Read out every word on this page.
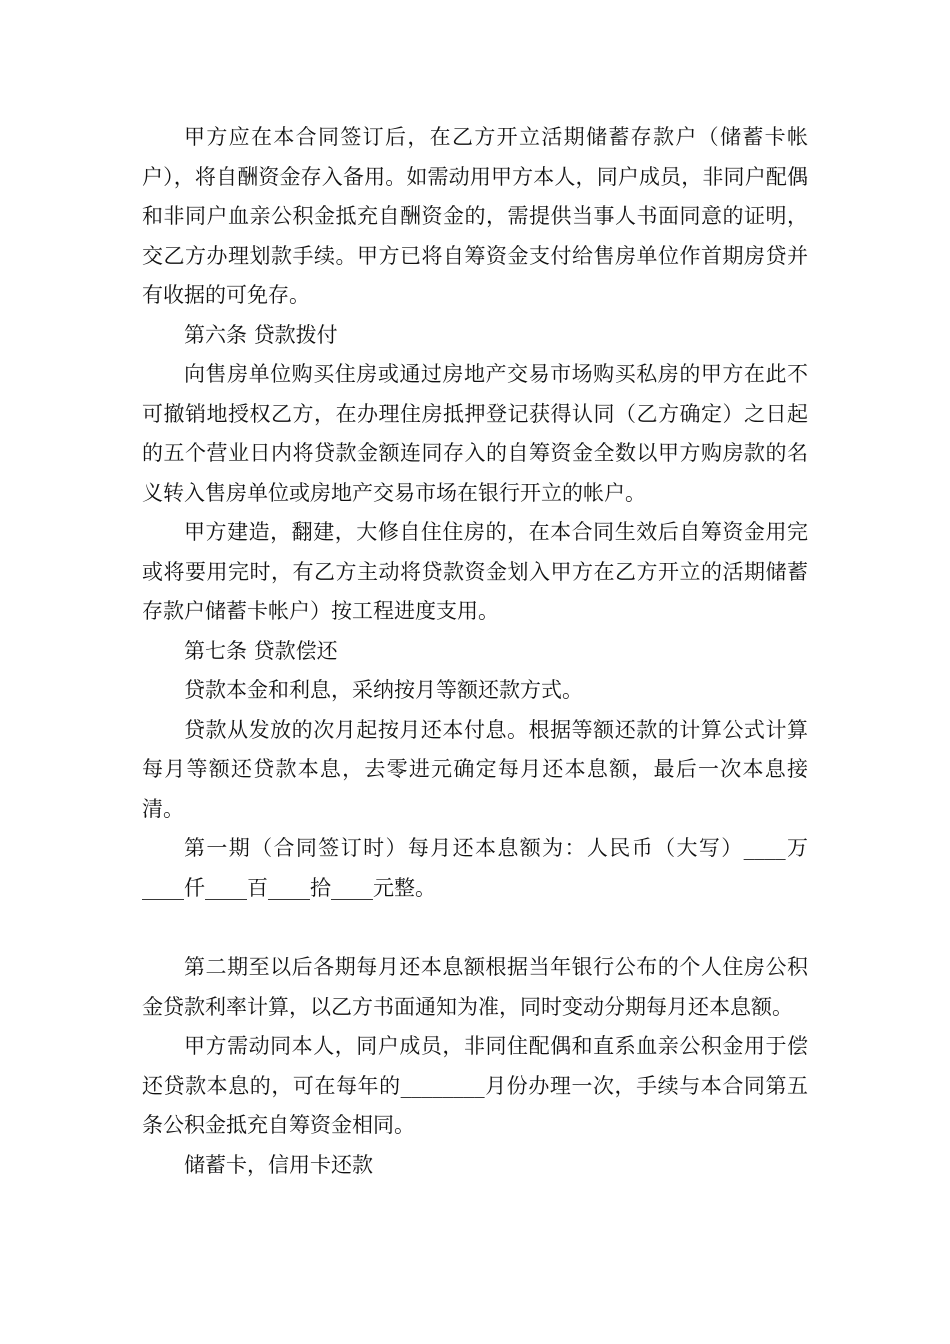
甲方应在本合同签订后，在乙方开立活期储蓄存款户（储蓄卡帐户），将自酬资金存入备用。如需动用甲方本人，同户成员，非同户配偶和非同户血亲公积金抵充自酬资金的，需提供当事人书面同意的证明，交乙方办理划款手续。甲方已将自筹资金支付给售房单位作首期房贷并有收据的可免存。

第六条 贷款拨付

向售房单位购买住房或通过房地产交易市场购买私房的甲方在此不可撤销地授权乙方，在办理住房抵押登记获得认同（乙方确定）之日起的五个营业日内将贷款金额连同存入的自筹资金全数以甲方购房款的名义转入售房单位或房地产交易市场在银行开立的帐户。

甲方建造，翻建，大修自住住房的，在本合同生效后自筹资金用完或将要用完时，有乙方主动将贷款资金划入甲方在乙方开立的活期储蓄存款户储蓄卡帐户）按工程进度支用。

第七条 贷款偿还

贷款本金和利息，采纳按月等额还款方式。

贷款从发放的次月起按月还本付息。根据等额还款的计算公式计算每月等额还贷款本息，去零进元确定每月还本息额，最后一次本息接清。

第一期（合同签订时）每月还本息额为：人民币（大写）____万____仟____百____拾____元整。

第二期至以后各期每月还本息额根据当年银行公布的个人住房公积金贷款利率计算，以乙方书面通知为准，同时变动分期每月还本息额。

甲方需动同本人，同户成员，非同住配偶和直系血亲公积金用于偿还贷款本息的，可在每年的________月份办理一次，手续与本合同第五条公积金抵充自筹资金相同。

储蓄卡，信用卡还款
